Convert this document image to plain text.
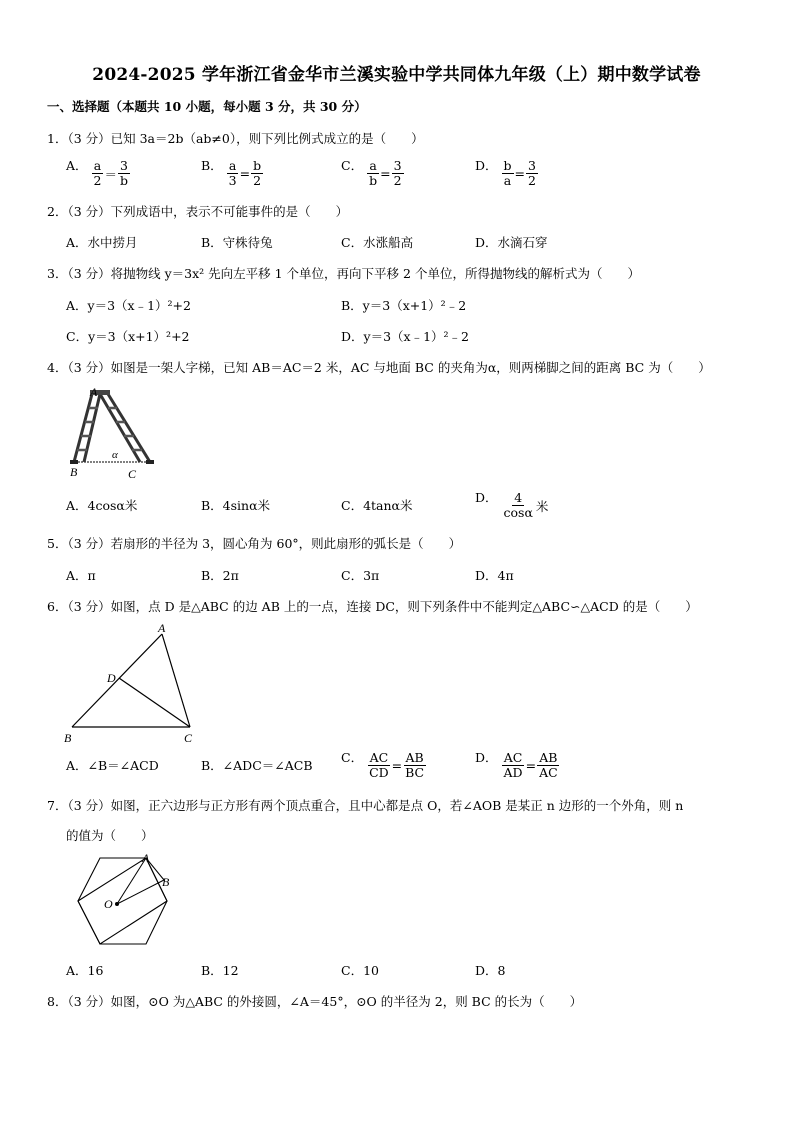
2024-2025 学年浙江省金华市兰溪实验中学共同体九年级（上）期中数学试卷
一、选择题（本题共 10 小题，每小题 3 分，共 30 分）
1．（3 分）已知 3a＝2b（ab≠0），则下列比例式成立的是（　　）
A． $\frac{a}{2} = \frac{3}{b}$	B． $\frac{a}{3} = \frac{b}{2}$	C． $\frac{a}{b} = \frac{3}{2}$	D． $\frac{b}{a} = \frac{3}{2}$
2．（3 分）下列成语中，表示不可能事件的是（　　）
A．水中捞月	B．守株待兔	C．水涨船高	D．水滴石穿
3．（3 分）将抛物线 y＝3x² 先向左平移 1 个单位，再向下平移 2 个单位，所得抛物线的解析式为（　　）
A．y＝3（x﹣1）²+2	B．y＝3（x+1）²﹣2
C．y＝3（x+1）²+2	D．y＝3（x﹣1）²﹣2
4．（3 分）如图是一架人字梯，已知 AB＝AC＝2 米，AC 与地面 BC 的夹角为α，则两梯脚之间的距离 BC 为（　　）
A
B	C
α
A．4cosα米	B．4sinα米	C．4tanα米
D． $\frac{4}{\cos\alpha}$ 米
5．（3 分）若扇形的半径为 3，圆心角为 60°，则此扇形的弧长是（　　）
A．π	B．2π	C．3π	D．4π
6．（3 分）如图，点 D 是△ABC 的边 AB 上的一点，连接 DC，则下列条件中不能判定△ABC∽△ACD 的是（　　）
A
B	C
D
A．∠B＝∠ACD	B．∠ADC＝∠ACB
C． $\frac{AC}{CD} = \frac{AB}{BC}$	D． $\frac{AC}{AD} = \frac{AB}{AC}$
7．（3 分）如图，正六边形与正方形有两个顶点重合，且中心都是点 O，若∠AOB 是某正 n 边形的一个外角，则 n
的值为（　　）
A
B
O
A．16	B．12	C．10	D．8
8．（3 分）如图，⊙O 为△ABC 的外接圆，∠A＝45°，⊙O 的半径为 2，则 BC 的长为（　　）
